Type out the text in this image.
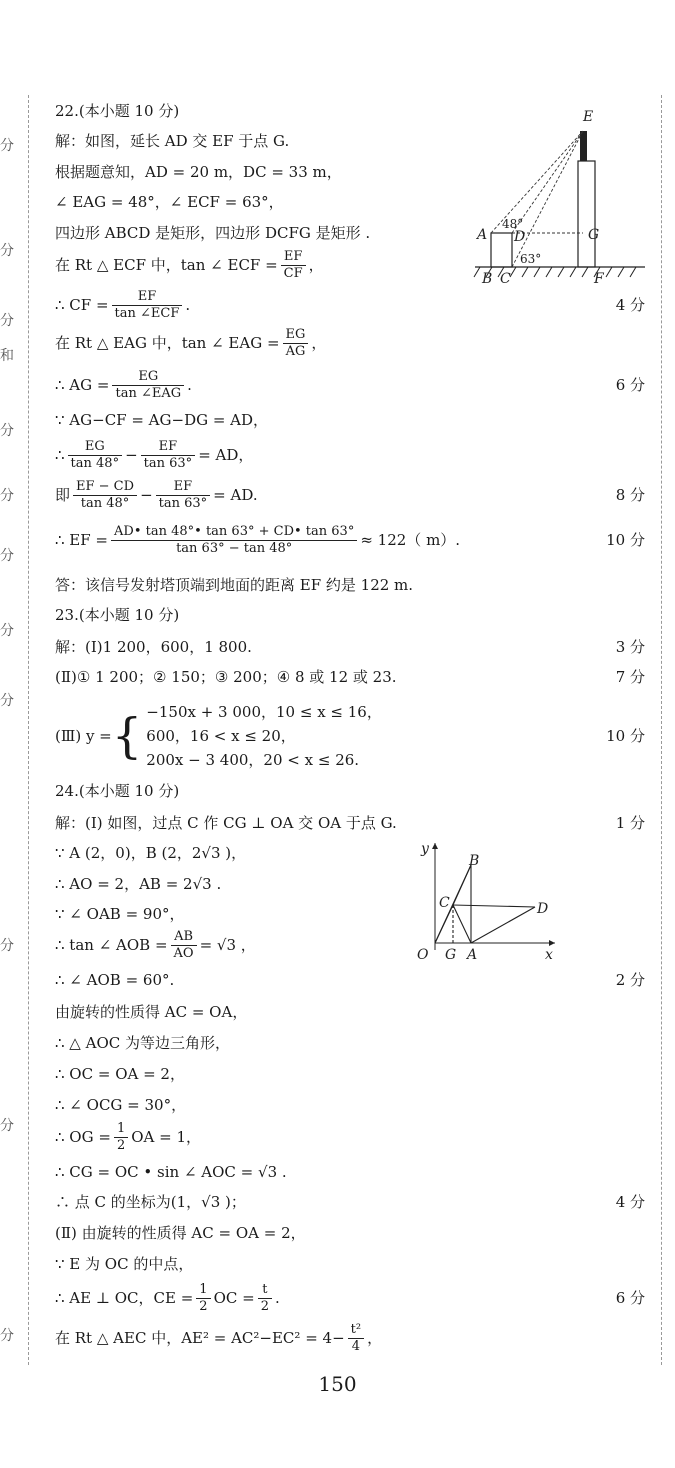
分
分
分
和
分
分
分
分
分
分
分
分
22.(本小题 10 分)
解：如图，延长 AD 交 EF 于点 G.
根据题意知，AD = 20 m，DC = 33 m，
∠ EAG = 48°，∠ ECF = 63°，
四边形 ABCD 是矩形，四边形 DCFG 是矩形 .
在 Rt △ ECF 中，tan ∠ ECF = $\frac{EF}{CF}$ ，
∴ CF = $\frac{EF}{\text{tan ∠ECF}}$ .	4 分
在 Rt △ EAG 中，tan ∠ EAG = $\frac{EG}{AG}$ ，
∴ AG = $\frac{EG}{\text{tan ∠EAG}}$ .	6 分
∵ AG−CF = AG−DG = AD，
∴ $\frac{EG}{\tan 48^\circ} - \frac{EF}{\tan 63^\circ}$ = AD，
即 $\frac{EF - CD}{\tan 48^\circ} - \frac{EF}{\tan 63^\circ}$ = AD.	8 分
∴ EF = $\frac{AD• \tan 48^\circ• \tan 63^\circ + CD• \tan 63^\circ}{\tan 63^\circ - \tan 48^\circ} \approx 122$（ m）.	10 分
答：该信号发射塔顶端到地面的距离 EF 约是 122 m.
23.(本小题 10 分)
解：(Ⅰ)1 200，600，1 800.	3 分
(Ⅱ)① 1 200；② 150；③ 200；④ 8 或 12 或 23.	7 分
(Ⅲ) y = { −150x + 3 000，10 ≤ x ≤ 16，
600，16 < x ≤ 20，
200x − 3 400，20 < x ≤ 26.
10 分
24.(本小题 10 分)
解：(Ⅰ) 如图，过点 C 作 CG ⊥ OA 交 OA 于点 G.	1 分
∵ A (2，0)，B (2，2√3 )，
∴ AO = 2，AB = 2√3 .
∵ ∠ OAB = 90°，
∴ tan ∠ AOB = $\frac{AB}{AO} = √3$ ，
∴ ∠ AOB = 60°.	2 分
由旋转的性质得 AC = OA，
∴ △ AOC 为等边三角形，
∴ OC = OA = 2，
∴ ∠ OCG = 30°，
∴ OG = $\frac{1}{2}$ OA = 1，
∴ CG = OC • sin ∠ AOC = √3 .
∴ 点 C 的坐标为(1，√3 )；	4 分
(Ⅱ) 由旋转的性质得 AC = OA = 2，
∵ E 为 OC 的中点，
∴ AE ⊥ OC，CE = $\frac{1}{2}$ OC = $\frac{t}{2}$ .	6 分
在 Rt △ AEC 中，$AE^2 = AC^2-EC^2 = 4- \frac{\text{t²}}{4}$ ，
E
A D	G
B C	F
48°
63°
y
B
C	D
O G A	x
150
